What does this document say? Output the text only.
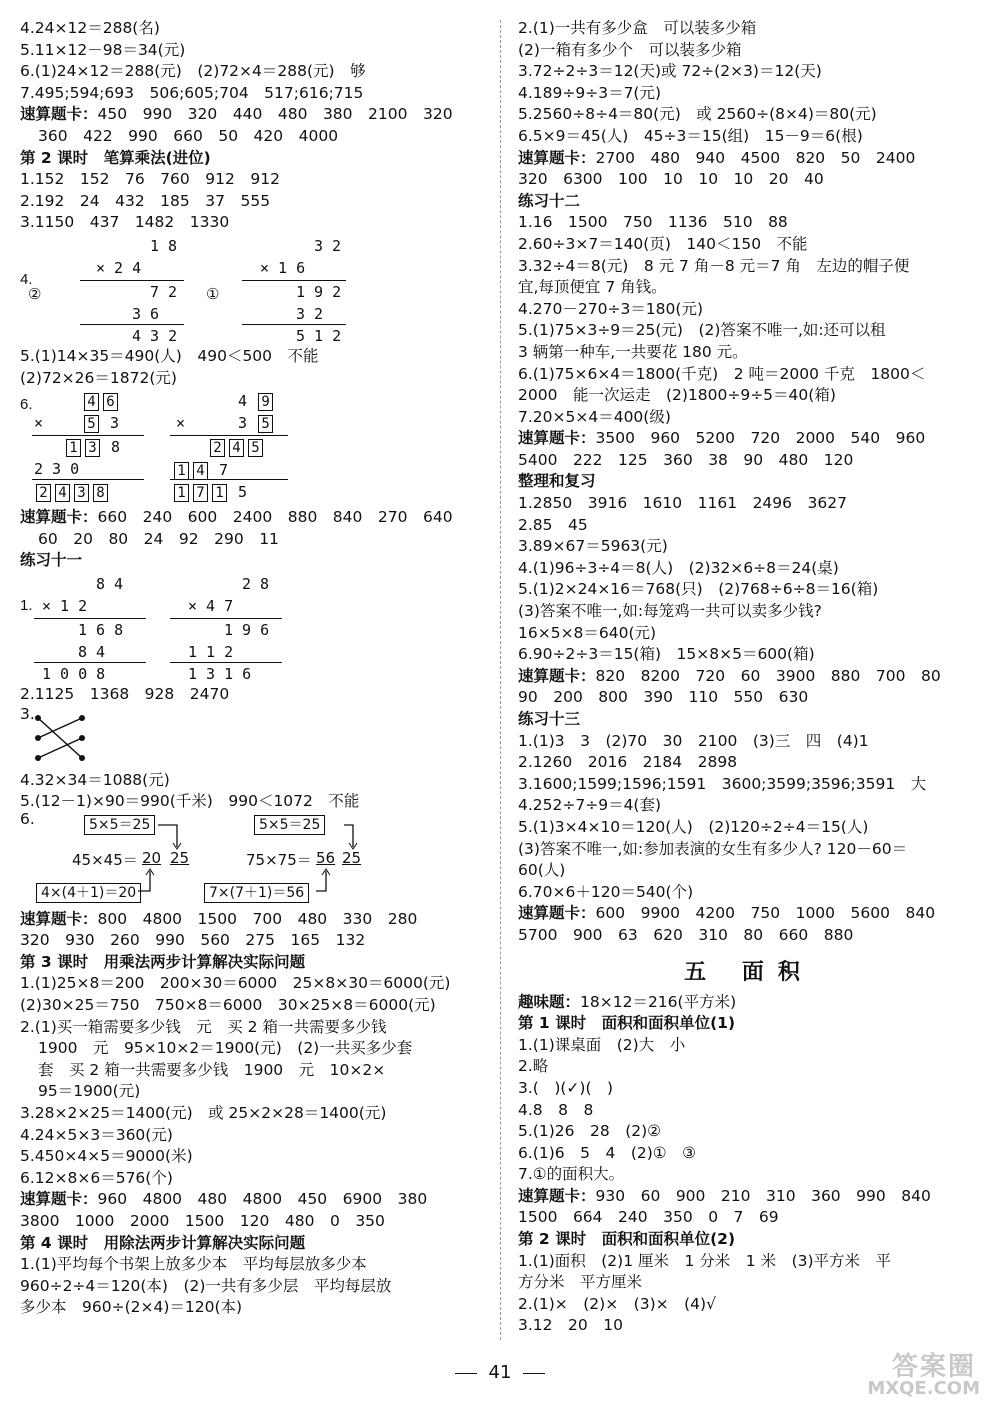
4.24×12＝288(名)
5.11×12－98＝34(元)
6.(1)24×12＝288(元)　(2)72×4＝288(元)　够
7.495;594;693　506;605;704　517;616;715
速算题卡：450　990　320　440　480　380　2100　320
360　422　990　660　50　420　4000
第 2 课时　笔算乘法(进位)
1.152　152　76　760　912　912
2.192　24　432　185　37　555
3.1150　437　1482　1330
4.
②
1 8
× 2 4
7 2
3 6
4 3 2
①
3 2
× 1 6
1 9 2
3 2
5 1 2
5.(1)14×35＝490(人)　490＜500　不能
(2)72×26＝1872(元)
6.	4 6
×	5 3
1 3 8
2 3 0
2 4 3 8
4 9
×	3 5
2 4 5
1 4 7
1 7 1 5
速算题卡：660　240　600　2400　880　840　270　640
60　20　80　24　92　290　11
练习十一
1.
8 4
× 1 2
1 6 8
8 4
1 0 0 8
2 8
× 4 7
1 9 6
1 1 2
1 3 1 6
2.1125　1368　928　2470
3.
4.32×34＝1088(元)
5.(12－1)×90＝990(千米)　990＜1072　不能
6.	5×5＝25
4×(4＋1)＝20
45×45＝ 20 25
5×5＝25
7×(7＋1)＝56
75×75＝ 56 25
速算题卡：800　4800　1500　700　480　330　280
320　930　260　990　560　275　165　132
第 3 课时　用乘法两步计算解决实际问题
1.(1)25×8＝200　200×30＝6000　25×8×30＝6000(元)
(2)30×25＝750　750×8＝6000　30×25×8＝6000(元)
2.(1)买一箱需要多少钱　元　买 2 箱一共需要多少钱
1900　元　95×10×2＝1900(元)　(2)一共买多少套
套　买 2 箱一共需要多少钱　1900　元　10×2×
95＝1900(元)
3.28×2×25＝1400(元)　或 25×2×28＝1400(元)
4.24×5×3＝360(元)
5.450×4×5＝9000(米)
6.12×8×6＝576(个)
速算题卡：960　4800　480　4800　450　6900　380
3800　1000　2000　1500　120　480　0　350
第 4 课时　用除法两步计算解决实际问题
1.(1)平均每个书架上放多少本　平均每层放多少本
960÷2÷4＝120(本)　(2)一共有多少层　平均每层放
多少本　960÷(2×4)＝120(本)
2.(1)一共有多少盒　可以装多少箱
(2)一箱有多少个　可以装多少箱
3.72÷2÷3＝12(天)或 72÷(2×3)＝12(天)
4.189÷9÷3＝7(元)
5.2560÷8÷4＝80(元)　或 2560÷(8×4)＝80(元)
6.5×9＝45(人)　45÷3＝15(组)　15－9＝6(根)
速算题卡：2700　480　940　4500　820　50　2400
320　6300　100　10　10　10　20　40
练习十二
1.16　1500　750　1136　510　88
2.60÷3×7＝140(页)　140＜150　不能
3.32÷4＝8(元)　8 元 7 角－8 元＝7 角　左边的帽子便
宜,每顶便宜 7 角钱。
4.270－270÷3＝180(元)
5.(1)75×3÷9＝25(元)　(2)答案不唯一,如:还可以租
3 辆第一种车,一共要花 180 元。
6.(1)75×6×4＝1800(千克)　2 吨＝2000 千克　1800＜
2000　能一次运走　(2)1800÷9÷5＝40(箱)
7.20×5×4＝400(级)
速算题卡：3500　960　5200　720　2000　540　960
5400　222　125　360　38　90　480　120
整理和复习
1.2850　3916　1610　1161　2496　3627
2.85　45
3.89×67＝5963(元)
4.(1)96÷3÷4＝8(人)　(2)32×6÷8＝24(桌)
5.(1)2×24×16＝768(只)　(2)768÷6÷8＝16(箱)
(3)答案不唯一,如:每笼鸡一共可以卖多少钱?
16×5×8＝640(元)
6.90÷2÷3＝15(箱)　15×8×5＝600(箱)
速算题卡：820　8200　720　60　3900　880　700　80
90　200　800　390　110　550　630
练习十三
1.(1)3　3　(2)70　30　2100　(3)三　四　(4)1
2.1260　2016　2184　2898
3.1600;1599;1596;1591　3600;3599;3596;3591　大
4.252÷7÷9＝4(套)
5.(1)3×4×10＝120(人)　(2)120÷2÷4＝15(人)
(3)答案不唯一,如:参加表演的女生有多少人? 120－60＝
60(人)
6.70×6＋120＝540(个)
速算题卡：600　9900　4200　750　1000　5600　840
5700　900　63　620　310　80　660　880
五 面积
趣味题：18×12＝216(平方米)
第 1 课时　面积和面积单位(1)
1.(1)课桌面　(2)大　小
2.略
3.(　)(✓)(　)
4.8　8　8
5.(1)26　28　(2)②
6.(1)6　5　4　(2)①　③
7.①的面积大。
速算题卡：930　60　900　210　310　360　990　840
1500　664　240　350　0　7　69
第 2 课时　面积和面积单位(2)
1.(1)面积　(2)1 厘米　1 分米　1 米　(3)平方米　平
方分米　平方厘米
2.(1)×　(2)×　(3)×　(4)√
3.12　20　10
41	答案圈
MXQE.COM
